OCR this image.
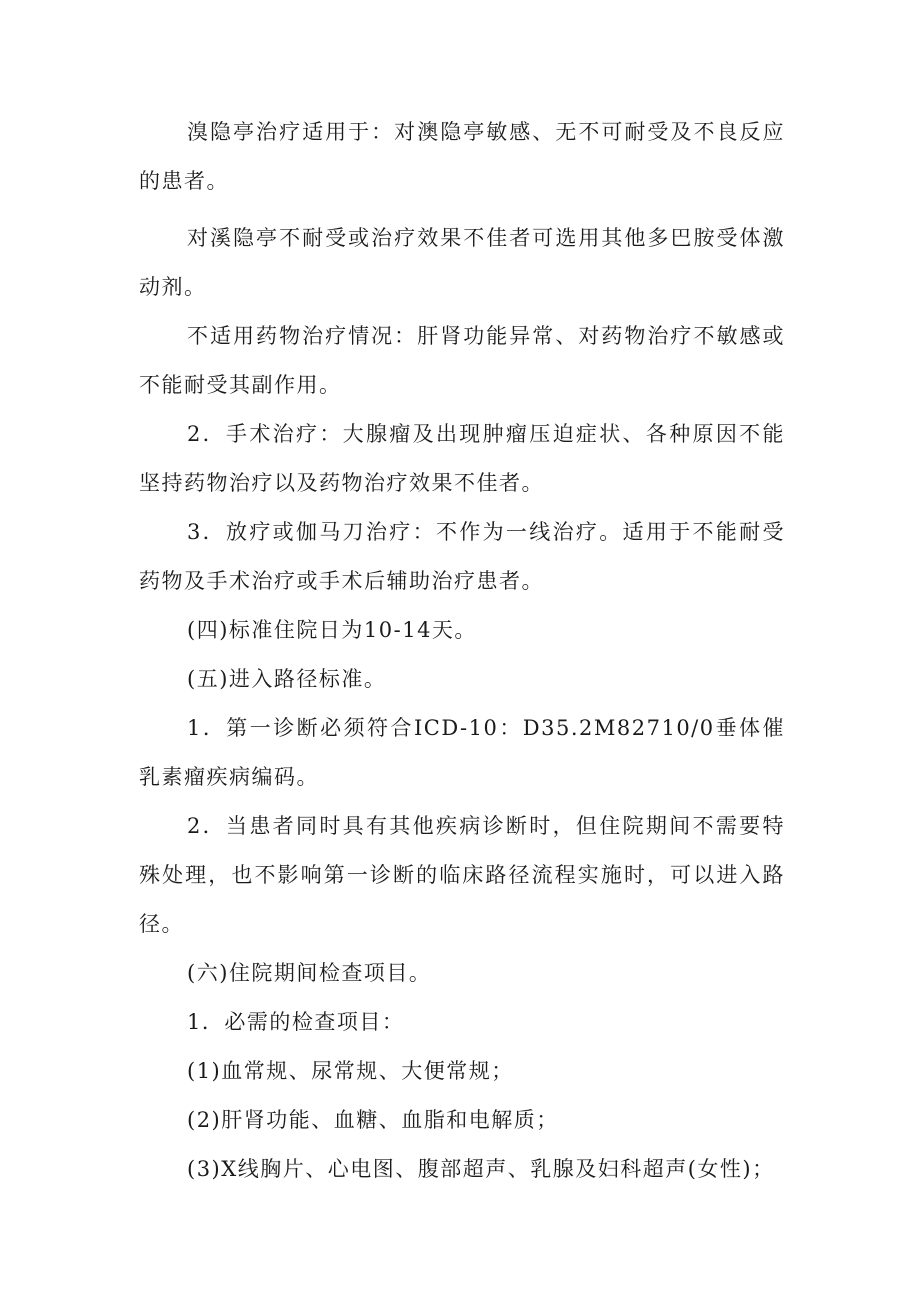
溴隐亭治疗适用于：对澳隐亭敏感、无不可耐受及不良反应的患者。

对溪隐亭不耐受或治疗效果不佳者可选用其他多巴胺受体激动剂。

不适用药物治疗情况：肝肾功能异常、对药物治疗不敏感或不能耐受其副作用。

2．手术治疗：大腺瘤及出现肿瘤压迫症状、各种原因不能坚持药物治疗以及药物治疗效果不佳者。

3．放疗或伽马刀治疗：不作为一线治疗。适用于不能耐受药物及手术治疗或手术后辅助治疗患者。

(四)标准住院日为10-14天。

(五)进入路径标准。

1．第一诊断必须符合ICD-10：D35.2M82710/0垂体催乳素瘤疾病编码。

2．当患者同时具有其他疾病诊断时，但住院期间不需要特殊处理，也不影响第一诊断的临床路径流程实施时，可以进入路径。

(六)住院期间检查项目。

1．必需的检查项目：

(1)血常规、尿常规、大便常规；

(2)肝肾功能、血糖、血脂和电解质；

(3)X线胸片、心电图、腹部超声、乳腺及妇科超声(女性)；
